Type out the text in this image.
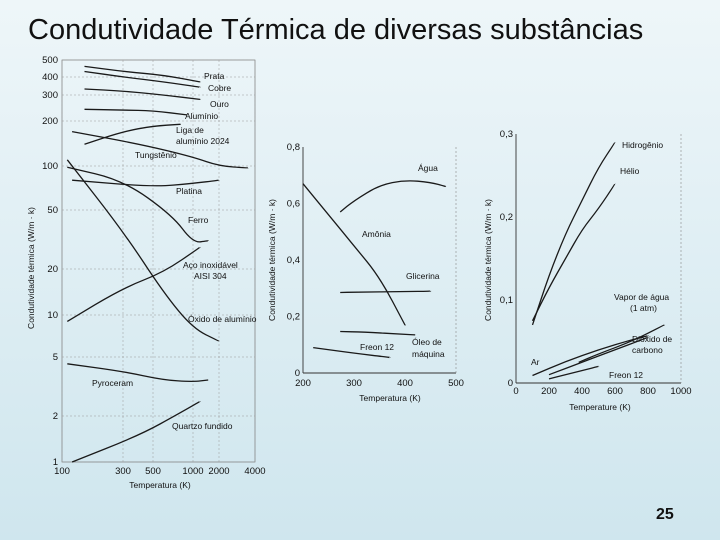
Condutividade Térmica de diversas substâncias
25
100	300 500 1000 2000 4000
1
2
5
10
20
50
100
200
300
400
500
Temperatura (K)
Condutividade térmica (W/m · k)
Prata
Cobre
Ouro
Alumínio
Liga de
alumínio 2024
Tungstênio
Platina
Ferro
Aço inoxidável
AISI 304
Óxido de alumínio
Pyroceram
Quartzo fundido
200	300	400	500
0
0,2
0,4
0,6
0,8
Temperatura (K)
Condutividade térmica (W/m · k)
Água
Amônia
Glicerina
Freon 12 Óleo de
máquina
0 200 400 600 800 1000
0
0,1
0,2
0,3
Temperature (K)
Condutividade térmica (W/m · k)
Hidrogênio
Hélio
Vapor de água
(1 atm)
Dióxido de
carbono
Ar
Freon 12
